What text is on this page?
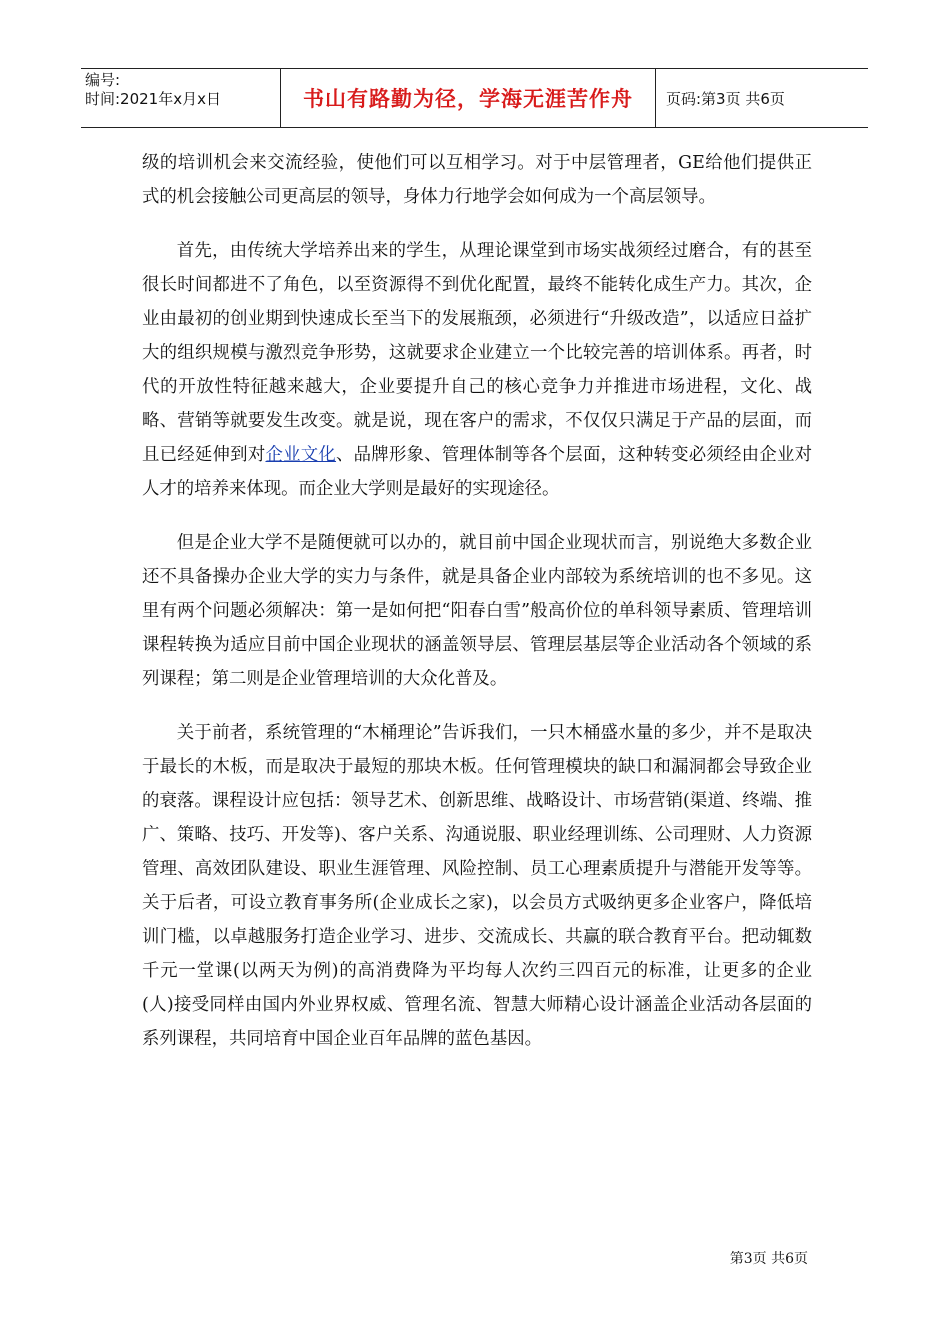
编号:
时间:2021年x月x日	书山有路勤为径，学海无涯苦作舟	页码:第3页 共6页

级的培训机会来交流经验，使他们可以互相学习。对于中层管理者，GE给他们提供正式的机会接触公司更高层的领导，身体力行地学会如何成为一个高层领导。

首先，由传统大学培养出来的学生，从理论课堂到市场实战须经过磨合，有的甚至很长时间都进不了角色，以至资源得不到优化配置，最终不能转化成生产力。其次，企业由最初的创业期到快速成长至当下的发展瓶颈，必须进行“升级改造”，以适应日益扩大的组织规模与激烈竞争形势，这就要求企业建立一个比较完善的培训体系。再者，时代的开放性特征越来越大，企业要提升自己的核心竞争力并推进市场进程，文化、战略、营销等就要发生改变。就是说，现在客户的需求，不仅仅只满足于产品的层面，而且已经延伸到对企业文化、品牌形象、管理体制等各个层面，这种转变必须经由企业对人才的培养来体现。而企业大学则是最好的实现途径。

但是企业大学不是随便就可以办的，就目前中国企业现状而言，别说绝大多数企业还不具备操办企业大学的实力与条件，就是具备企业内部较为系统培训的也不多见。这里有两个问题必须解决：第一是如何把“阳春白雪”般高价位的单科领导素质、管理培训课程转换为适应目前中国企业现状的涵盖领导层、管理层基层等企业活动各个领域的系列课程；第二则是企业管理培训的大众化普及。

关于前者，系统管理的“木桶理论”告诉我们，一只木桶盛水量的多少，并不是取决于最长的木板，而是取决于最短的那块木板。任何管理模块的缺口和漏洞都会导致企业的衰落。课程设计应包括：领导艺术、创新思维、战略设计、市场营销(渠道、终端、推广、策略、技巧、开发等)、客户关系、沟通说服、职业经理训练、公司理财、人力资源管理、高效团队建设、职业生涯管理、风险控制、员工心理素质提升与潜能开发等等。关于后者，可设立教育事务所(企业成长之家)，以会员方式吸纳更多企业客户，降低培训门槛，以卓越服务打造企业学习、进步、交流成长、共赢的联合教育平台。把动辄数千元一堂课(以两天为例)的高消费降为平均每人次约三四百元的标准，让更多的企业(人)接受同样由国内外业界权威、管理名流、智慧大师精心设计涵盖企业活动各层面的系列课程，共同培育中国企业百年品牌的蓝色基因。

第3页 共6页
